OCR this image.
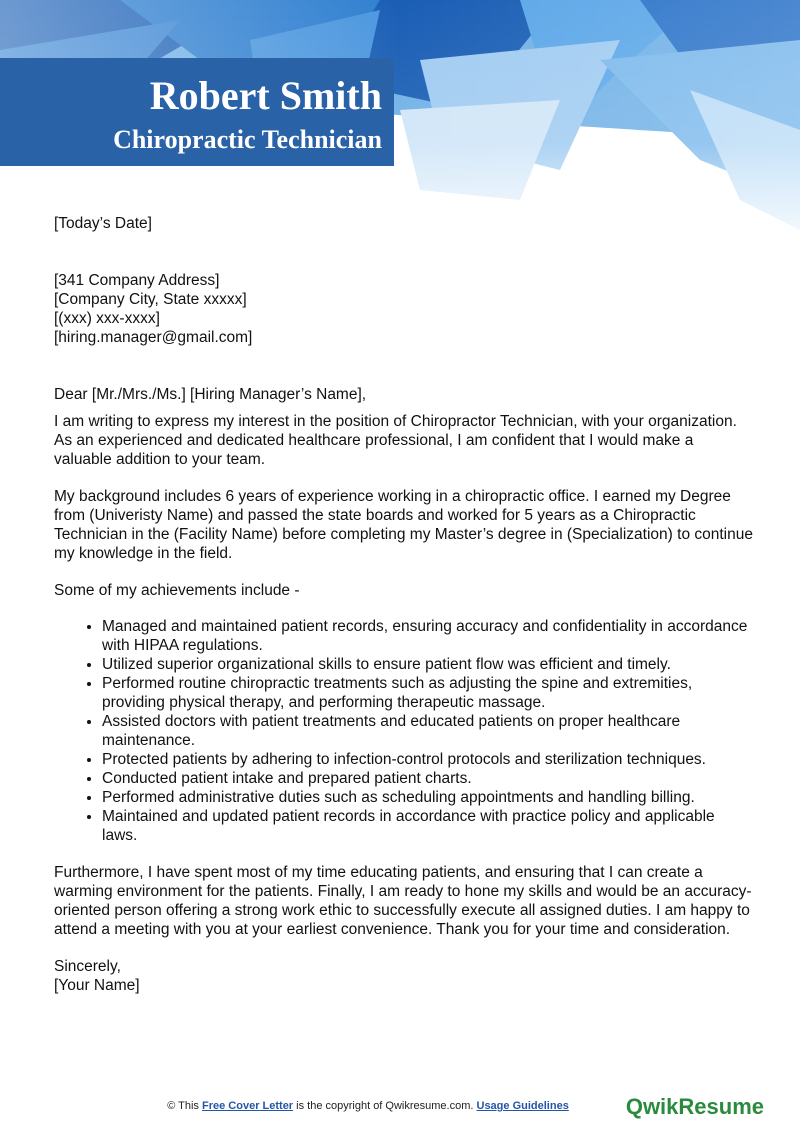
Robert Smith
Chiropractic Technician

[Today’s Date]

[341 Company Address]
[Company City, State xxxxx]
[(xxx) xxx-xxxx]
[hiring.manager@gmail.com]

Dear [Mr./Mrs./Ms.] [Hiring Manager’s Name],

I am writing to express my interest in the position of Chiropractor Technician, with your organization. As an experienced and dedicated healthcare professional, I am confident that I would make a valuable addition to your team.

My background includes 6 years of experience working in a chiropractic office. I earned my Degree from (Univeristy Name) and passed the state boards and worked for 5 years as a Chiropractic Technician in the (Facility Name) before completing my Master’s degree in (Specialization) to continue my knowledge in the field.

Some of my achievements include -

• Managed and maintained patient records, ensuring accuracy and confidentiality in accordance with HIPAA regulations.
• Utilized superior organizational skills to ensure patient flow was efficient and timely.
• Performed routine chiropractic treatments such as adjusting the spine and extremities, providing physical therapy, and performing therapeutic massage.
• Assisted doctors with patient treatments and educated patients on proper healthcare maintenance.
• Protected patients by adhering to infection-control protocols and sterilization techniques.
• Conducted patient intake and prepared patient charts.
• Performed administrative duties such as scheduling appointments and handling billing.
• Maintained and updated patient records in accordance with practice policy and applicable laws.

Furthermore, I have spent most of my time educating patients, and ensuring that I can create a warming environment for the patients. Finally, I am ready to hone my skills and would be an accuracy-oriented person offering a strong work ethic to successfully execute all assigned duties. I am happy to attend a meeting with you at your earliest convenience. Thank you for your time and consideration.

Sincerely,
[Your Name]
© This Free Cover Letter is the copyright of Qwikresume.com. Usage Guidelines	QwikResume
